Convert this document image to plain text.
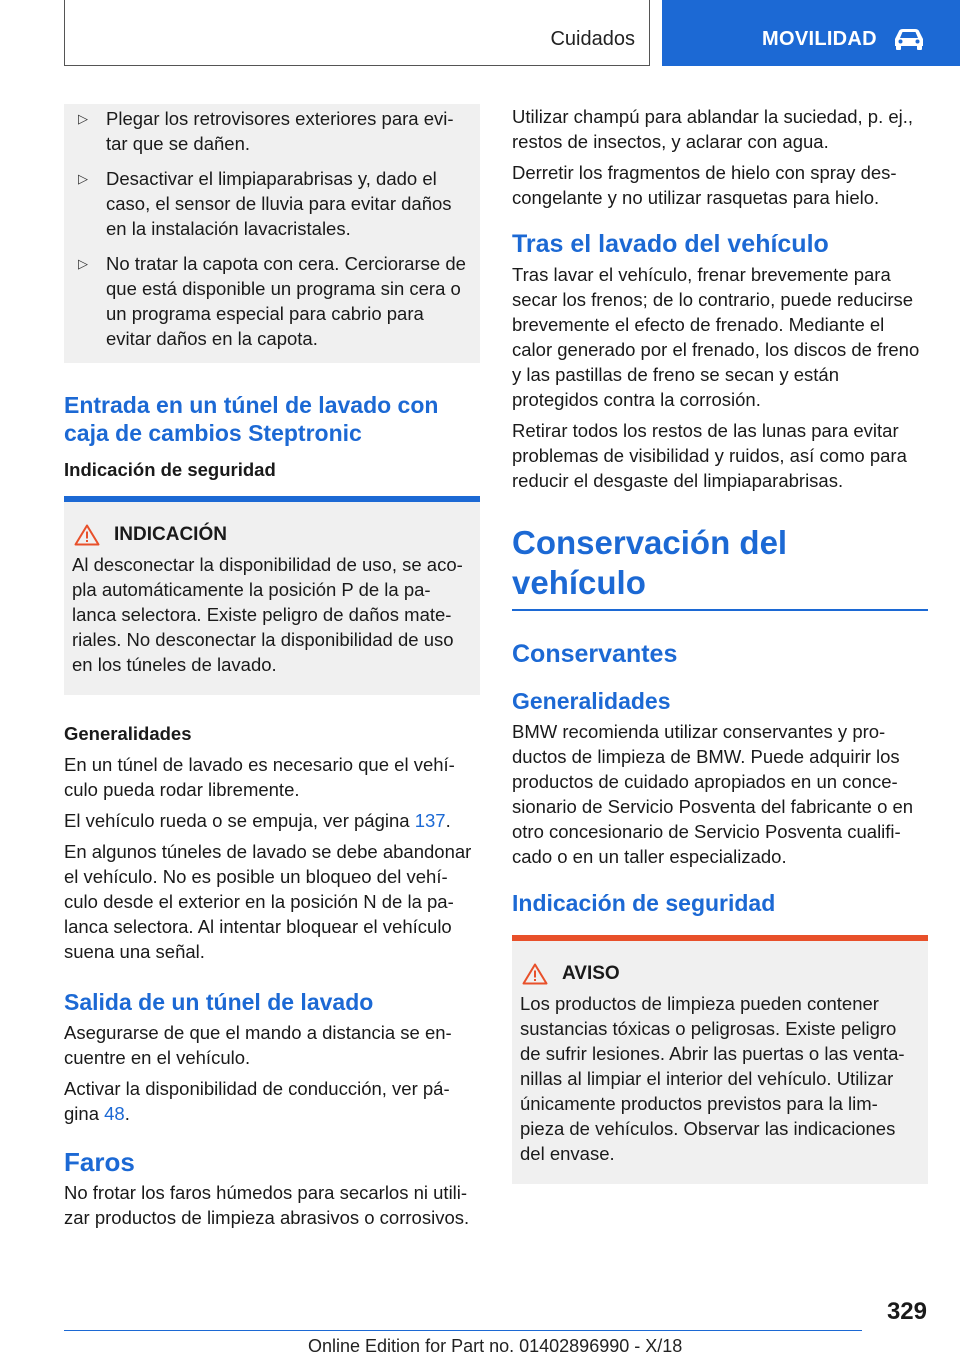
Cuidados	MOVILIDAD
▷ Plegar los retrovisores exteriores para evi-tar que se dañen.
▷ Desactivar el limpiaparabrisas y, dado el caso, el sensor de lluvia para evitar daños en la instalación lavacristales.
▷ No tratar la capota con cera. Cerciorarse de que está disponible un programa sin cera o un programa especial para cabrio para evitar daños en la capota.
Entrada en un túnel de lavado con caja de cambios Steptronic
Indicación de seguridad
INDICACIÓN

Al desconectar la disponibilidad de uso, se aco-pla automáticamente la posición P de la pa-lanca selectora. Existe peligro de daños mate-riales. No desconectar la disponibilidad de uso en los túneles de lavado.

Generalidades

En un túnel de lavado es necesario que el vehí-culo pueda rodar libremente.

El vehículo rueda o se empuja, ver página 137.

En algunos túneles de lavado se debe abandonar el vehículo. No es posible un bloqueo del vehí-culo desde el exterior en la posición N de la pa-lanca selectora. Al intentar bloquear el vehículo suena una señal.

Salida de un túnel de lavado

Asegurarse de que el mando a distancia se en-cuentre en el vehículo.

Activar la disponibilidad de conducción, ver pá-gina 48.

Faros

No frotar los faros húmedos para secarlos ni utili-zar productos de limpieza abrasivos o corrosivos.

Utilizar champú para ablandar la suciedad, p. ej., restos de insectos, y aclarar con agua.

Derretir los fragmentos de hielo con spray des-congelante y no utilizar rasquetas para hielo.

Tras el lavado del vehículo

Tras lavar el vehículo, frenar brevemente para secar los frenos; de lo contrario, puede reducirse brevemente el efecto de frenado. Mediante el calor generado por el frenado, los discos de freno y las pastillas de freno se secan y están protegidos contra la corrosión.

Retirar todos los restos de las lunas para evitar problemas de visibilidad y ruidos, así como para reducir el desgaste del limpiaparabrisas.

Conservación del vehículo
Conservantes
Generalidades

BMW recomienda utilizar conservantes y pro-ductos de limpieza de BMW. Puede adquirir los productos de cuidado apropiados en un conce-sionario de Servicio Posventa del fabricante o en otro concesionario de Servicio Posventa cualifi-cado o en un taller especializado.

Indicación de seguridad
AVISO

Los productos de limpieza pueden contener sustancias tóxicas o peligrosas. Existe peligro de sufrir lesiones. Abrir las puertas o las venta-nillas al limpiar el interior del vehículo. Utilizar únicamente productos previstos para la lim-pieza de vehículos. Observar las indicaciones del envase.

329
Online Edition for Part no. 01402896990 - X/18
